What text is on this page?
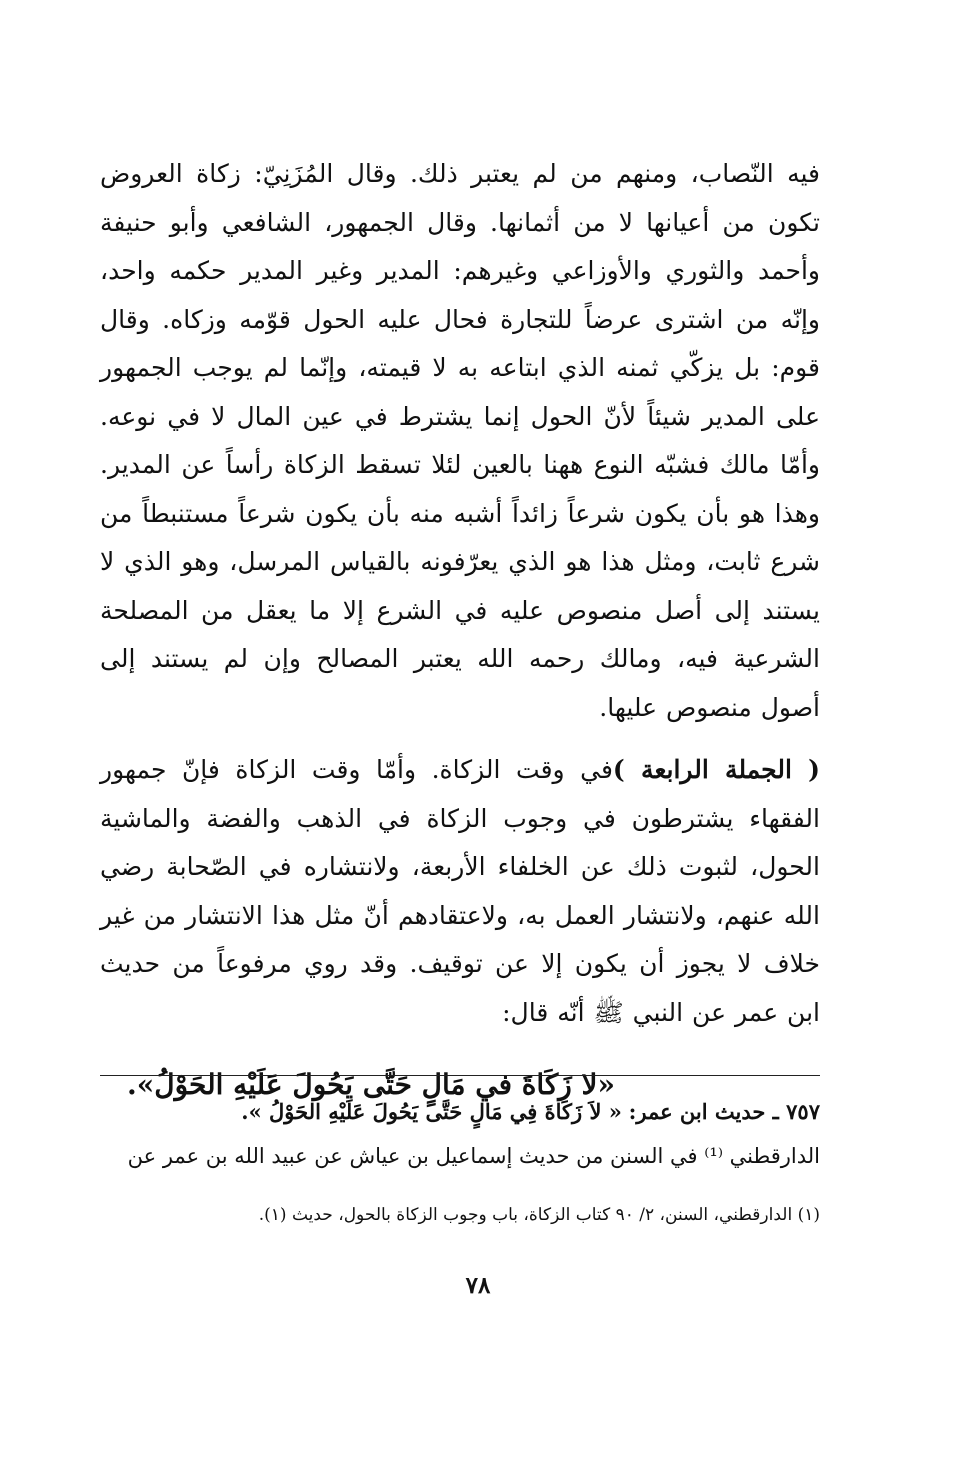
فيه النّصاب، ومنهم من لم يعتبر ذلك. وقال المُزَنِيّ: زكاة العروض تكون من أعيانها لا من أثمانها. وقال الجمهور، الشافعي وأبو حنيفة وأحمد والثوري والأوزاعي وغيرهم: المدير وغير المدير حكمه واحد، وإنّه من اشترى عرضاً للتجارة فحال عليه الحول قوّمه وزكاه. وقال قوم: بل يزكّي ثمنه الذي ابتاعه به لا قيمته، وإنّما لم يوجب الجمهور على المدير شيئاً لأنّ الحول إنما يشترط في عين المال لا في نوعه. وأمّا مالك فشبّه النوع ههنا بالعين لئلا تسقط الزكاة رأساً عن المدير. وهذا هو بأن يكون شرعاً زائداً أشبه منه بأن يكون شرعاً مستنبطاً من شرع ثابت، ومثل هذا هو الذي يعرّفونه بالقياس المرسل، وهو الذي لا يستند إلى أصل منصوص عليه في الشرع إلا ما يعقل من المصلحة الشرعية فيه، ومالك رحمه الله يعتبر المصالح وإن لم يستند إلى أصول منصوص عليها.

( الجملة الرابعة )في وقت الزكاة. وأمّا وقت الزكاة فإنّ جمهور الفقهاء يشترطون في وجوب الزكاة في الذهب والفضة والماشية الحول، لثبوت ذلك عن الخلفاء الأربعة، ولانتشاره في الصّحابة رضي الله عنهم، ولانتشار العمل به، ولاعتقادهم أنّ مثل هذا الانتشار من غير خلاف لا يجوز أن يكون إلا عن توقيف. وقد روي مرفوعاً من حديث ابن عمر عن النبي ﷺ أنّه قال:

«لا زَكَاةَ في مَالٍ حَتَّى يَحُولَ عَلَيْهِ الحَوْلُ».

٧٥٧ ـ حديث ابن عمر: « لاَ زَكَاةَ فِي مَالٍ حَتَّى يَحُولَ عَلَيْهِ الحَوْلُ ».

الدارقطني ⁽¹⁾ في السنن من حديث إسماعيل بن عياش عن عبيد الله بن عمر عن

(١) الدارقطني، السنن، ٢/ ٩٠ كتاب الزكاة، باب وجوب الزكاة بالحول، حديث (١).
٧٨
